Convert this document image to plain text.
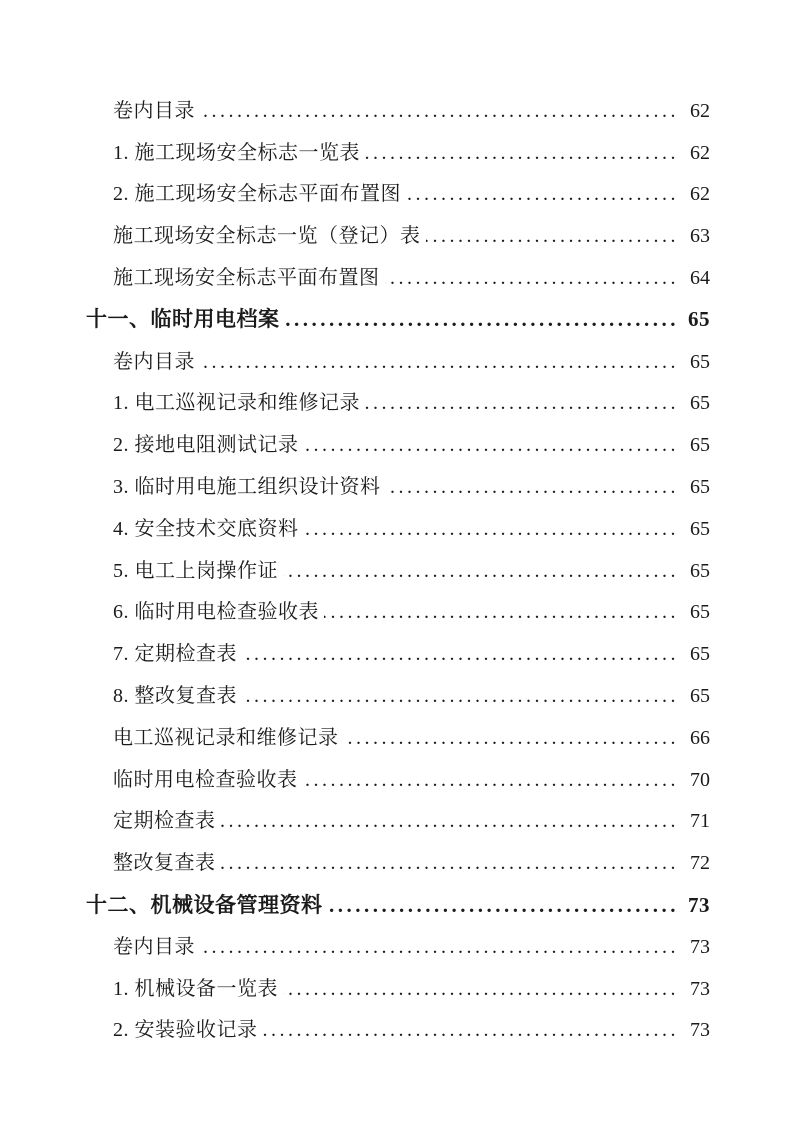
卷内目录 .....	62
1. 施工现场安全标志一览表 .....	62
2. 施工现场安全标志平面布置图 .....	62
施工现场安全标志一览（登记）表 .....	63
施工现场安全标志平面布置图 .....	64
十一、临时用电档案 .....	65
卷内目录 .....	65
1. 电工巡视记录和维修记录 .....	65
2. 接地电阻测试记录 .....	65
3. 临时用电施工组织设计资料 .....	65
4. 安全技术交底资料 .....	65
5. 电工上岗操作证 .....	65
6. 临时用电检查验收表 .....	65
7. 定期检查表 .....	65
8. 整改复查表 .....	65
电工巡视记录和维修记录 .....	66
临时用电检查验收表 .....	70
定期检查表 .....	71
整改复查表 .....	72
十二、机械设备管理资料 .....	73
卷内目录 .....	73
1. 机械设备一览表 .....	73
2. 安装验收记录 .....	73
